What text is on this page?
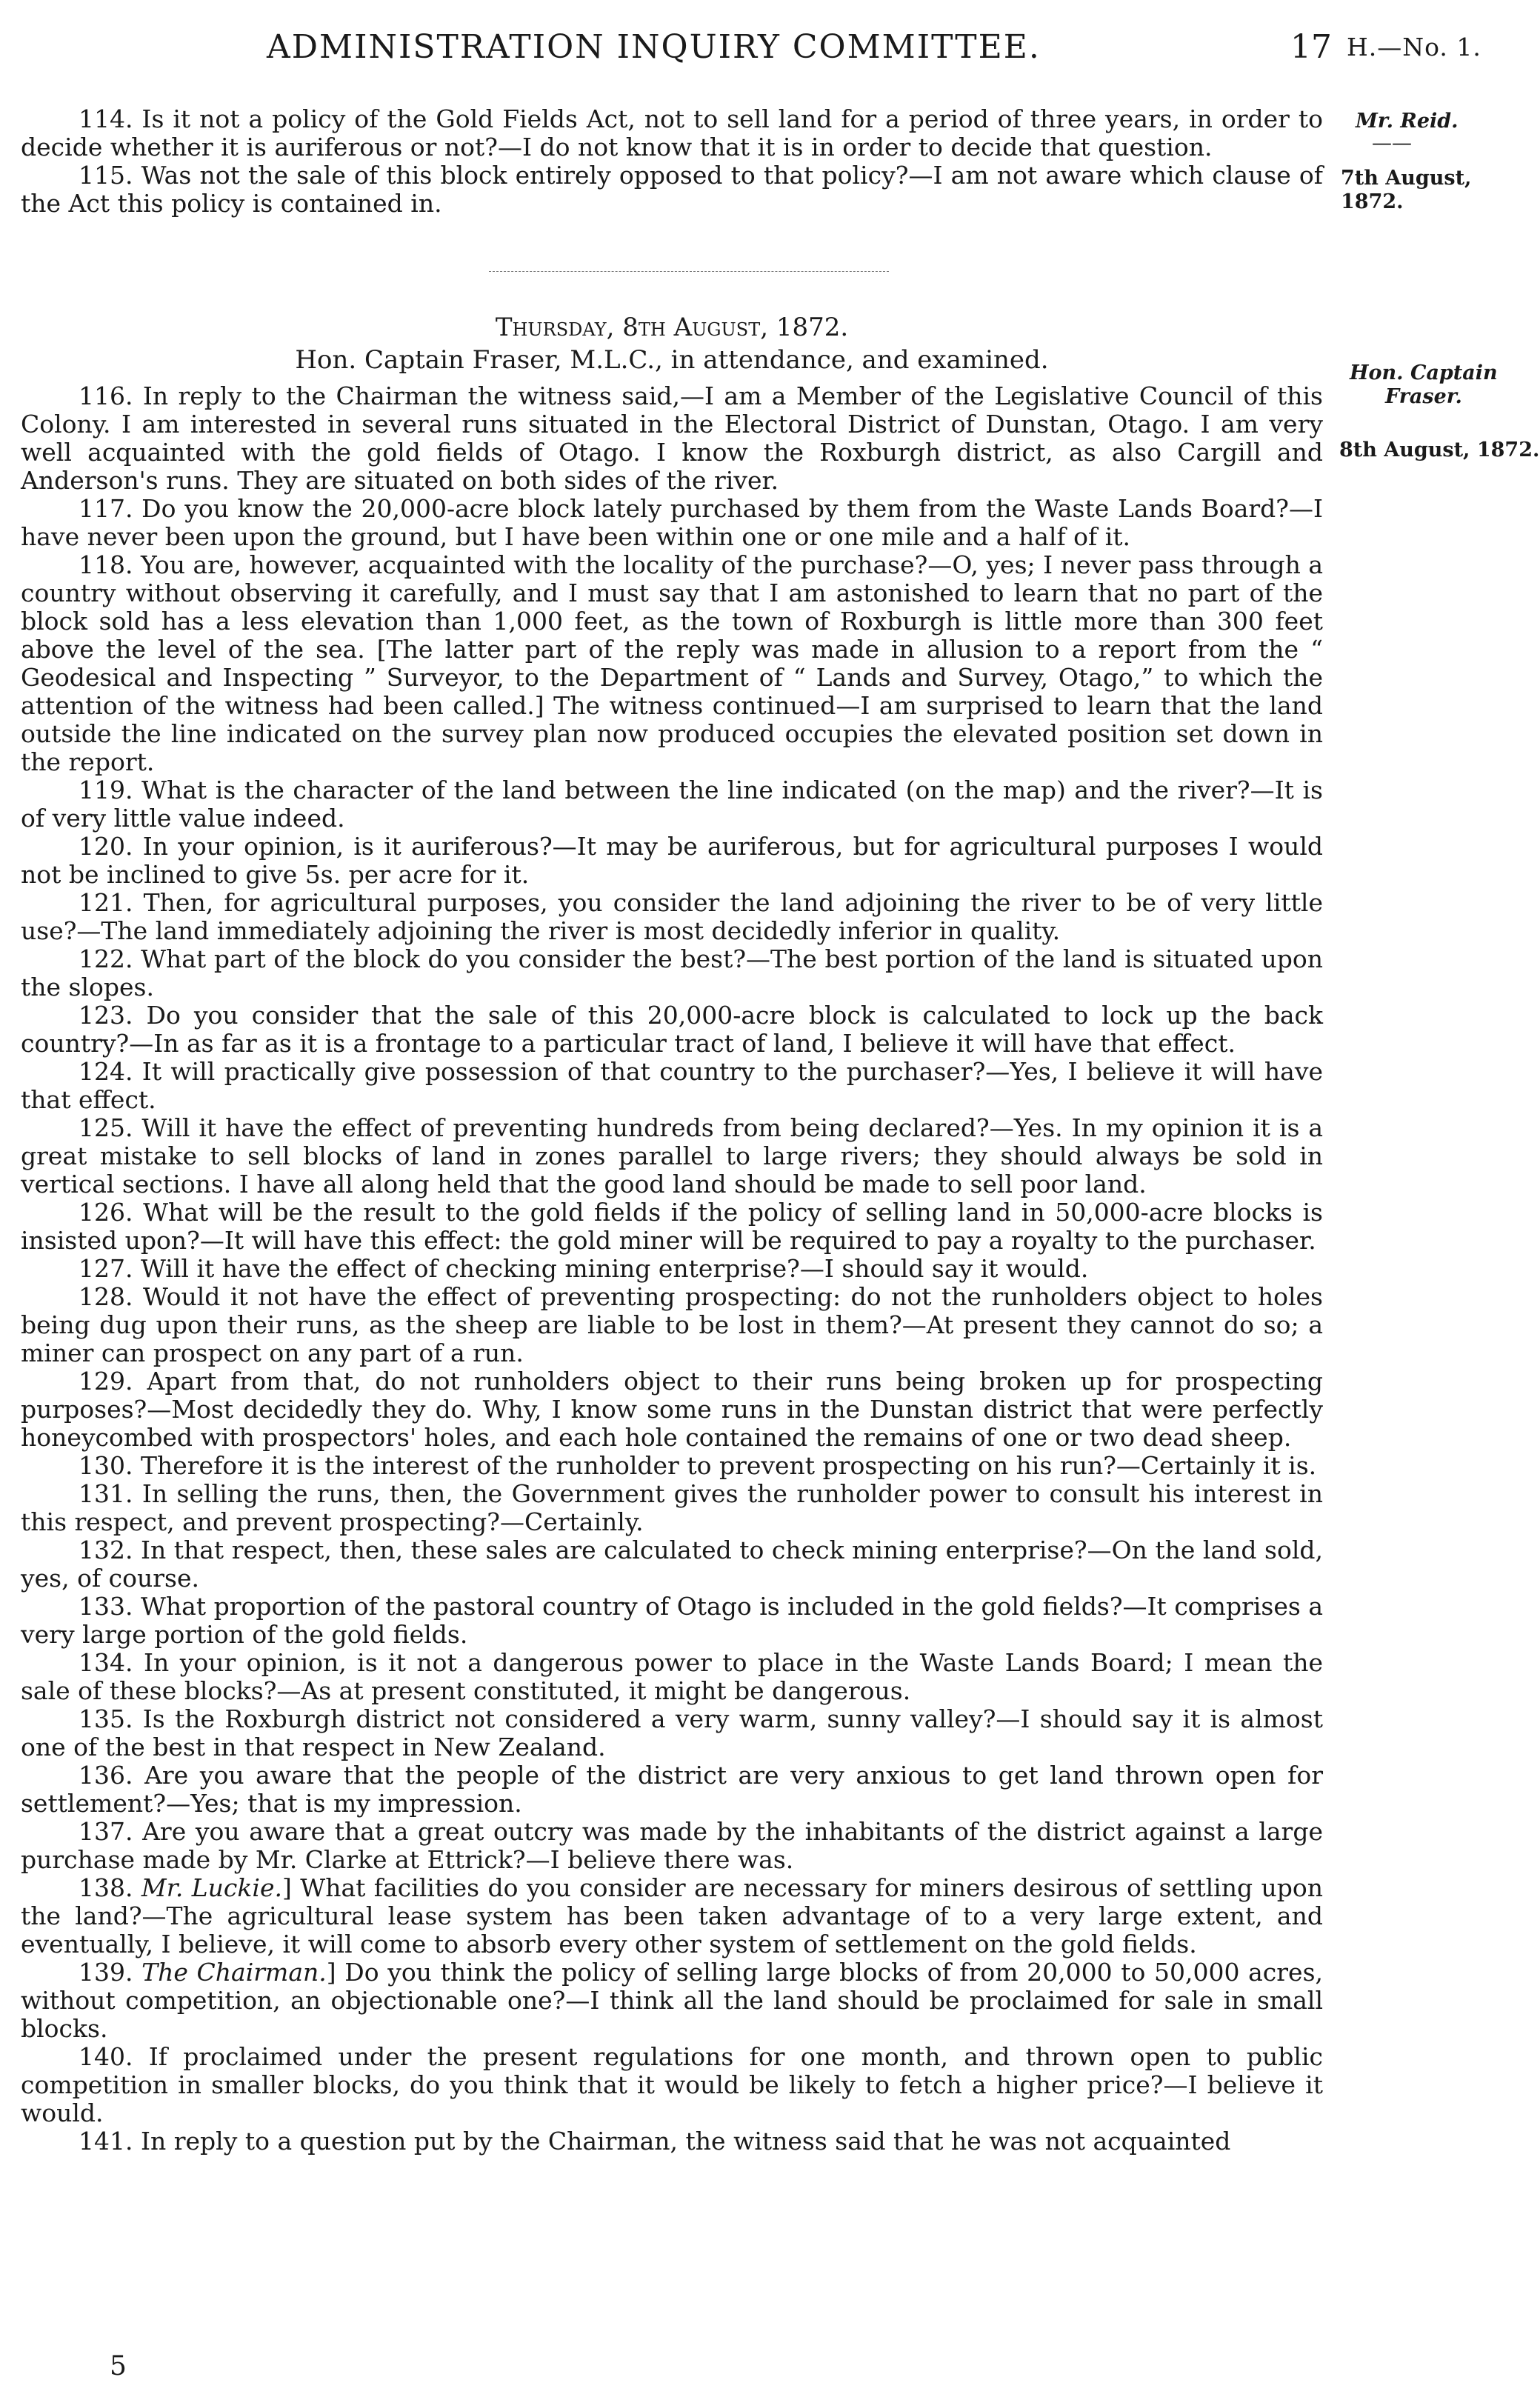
ADMINISTRATION INQUIRY COMMITTEE.	17 H.—No. 1.
Mr. Reid.
——
7th August, 1872.
Hon. Captain
Fraser.
8th August, 1872.

114. Is it not a policy of the Gold Fields Act, not to sell land for a period of three years, in order to decide whether it is auriferous or not?—I do not know that it is in order to decide that question.

115. Was not the sale of this block entirely opposed to that policy?—I am not aware which clause of the Act this policy is contained in.

Thursday, 8th August, 1872.
Hon. Captain Fraser, M.L.C., in attendance, and examined.

116. In reply to the Chairman the witness said,—I am a Member of the Legislative Council of this Colony. I am interested in several runs situated in the Electoral District of Dunstan, Otago. I am very well acquainted with the gold fields of Otago. I know the Roxburgh district, as also Cargill and Anderson's runs. They are situated on both sides of the river.

117. Do you know the 20,000-acre block lately purchased by them from the Waste Lands Board?—I have never been upon the ground, but I have been within one or one mile and a half of it.

118. You are, however, acquainted with the locality of the purchase?—O, yes; I never pass through a country without observing it carefully, and I must say that I am astonished to learn that no part of the block sold has a less elevation than 1,000 feet, as the town of Roxburgh is little more than 300 feet above the level of the sea. [The latter part of the reply was made in allusion to a report from the “ Geodesical and Inspecting ” Surveyor, to the Department of “ Lands and Survey, Otago,” to which the attention of the witness had been called.] The witness continued—I am surprised to learn that the land outside the line indicated on the survey plan now produced occupies the elevated position set down in the report.

119. What is the character of the land between the line indicated (on the map) and the river?—It is of very little value indeed.

120. In your opinion, is it auriferous?—It may be auriferous, but for agricultural purposes I would not be inclined to give 5s. per acre for it.

121. Then, for agricultural purposes, you consider the land adjoining the river to be of very little use?—The land immediately adjoining the river is most decidedly inferior in quality.

122. What part of the block do you consider the best?—The best portion of the land is situated upon the slopes.

123. Do you consider that the sale of this 20,000-acre block is calculated to lock up the back country?—In as far as it is a frontage to a particular tract of land, I believe it will have that effect.

124. It will practically give possession of that country to the purchaser?—Yes, I believe it will have that effect.

125. Will it have the effect of preventing hundreds from being declared?—Yes. In my opinion it is a great mistake to sell blocks of land in zones parallel to large rivers; they should always be sold in vertical sections. I have all along held that the good land should be made to sell poor land.

126. What will be the result to the gold fields if the policy of selling land in 50,000-acre blocks is insisted upon?—It will have this effect: the gold miner will be required to pay a royalty to the purchaser.

127. Will it have the effect of checking mining enterprise?—I should say it would.

128. Would it not have the effect of preventing prospecting: do not the runholders object to holes being dug upon their runs, as the sheep are liable to be lost in them?—At present they cannot do so; a miner can prospect on any part of a run.

129. Apart from that, do not runholders object to their runs being broken up for prospecting purposes?—Most decidedly they do. Why, I know some runs in the Dunstan district that were perfectly honeycombed with prospectors' holes, and each hole contained the remains of one or two dead sheep.

130. Therefore it is the interest of the runholder to prevent prospecting on his run?—Certainly it is.

131. In selling the runs, then, the Government gives the runholder power to consult his interest in this respect, and prevent prospecting?—Certainly.

132. In that respect, then, these sales are calculated to check mining enterprise?—On the land sold, yes, of course.

133. What proportion of the pastoral country of Otago is included in the gold fields?—It comprises a very large portion of the gold fields.

134. In your opinion, is it not a dangerous power to place in the Waste Lands Board; I mean the sale of these blocks?—As at present constituted, it might be dangerous.

135. Is the Roxburgh district not considered a very warm, sunny valley?—I should say it is almost one of the best in that respect in New Zealand.

136. Are you aware that the people of the district are very anxious to get land thrown open for settlement?—Yes; that is my impression.

137. Are you aware that a great outcry was made by the inhabitants of the district against a large purchase made by Mr. Clarke at Ettrick?—I believe there was.

138. Mr. Luckie.] What facilities do you consider are necessary for miners desirous of settling upon the land?—The agricultural lease system has been taken advantage of to a very large extent, and eventually, I believe, it will come to absorb every other system of settlement on the gold fields.

139. The Chairman.] Do you think the policy of selling large blocks of from 20,000 to 50,000 acres, without competition, an objectionable one?—I think all the land should be proclaimed for sale in small blocks.

140. If proclaimed under the present regulations for one month, and thrown open to public competition in smaller blocks, do you think that it would be likely to fetch a higher price?—I believe it would.

141. In reply to a question put by the Chairman, the witness said that he was not acquainted

5
